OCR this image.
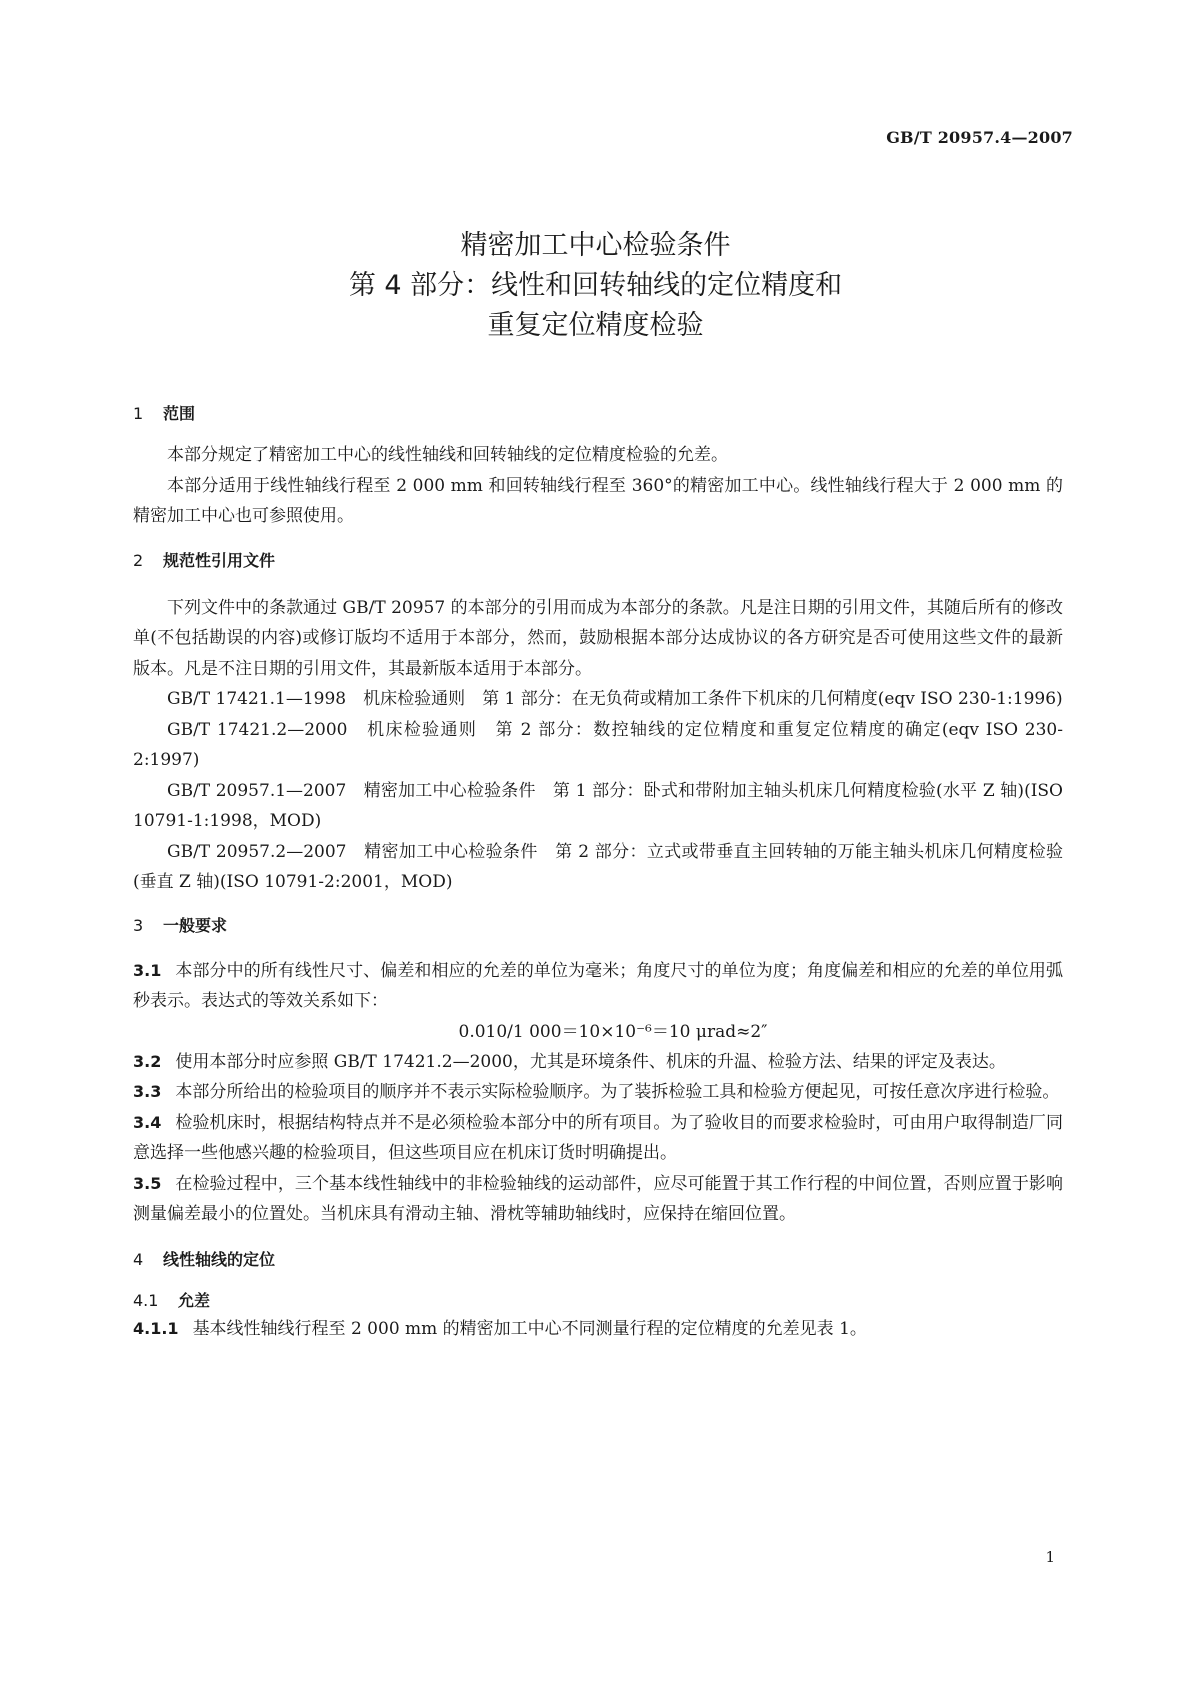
GB/T 20957.4—2007
精密加工中心检验条件
第 4 部分：线性和回转轴线的定位精度和
重复定位精度检验
1 范围
本部分规定了精密加工中心的线性轴线和回转轴线的定位精度检验的允差。
本部分适用于线性轴线行程至 2 000 mm 和回转轴线行程至 360°的精密加工中心。线性轴线行程大于 2 000 mm 的精密加工中心也可参照使用。
2 规范性引用文件
下列文件中的条款通过 GB/T 20957 的本部分的引用而成为本部分的条款。凡是注日期的引用文件，其随后所有的修改单(不包括勘误的内容)或修订版均不适用于本部分，然而，鼓励根据本部分达成协议的各方研究是否可使用这些文件的最新版本。凡是不注日期的引用文件，其最新版本适用于本部分。
GB/T 17421.1—1998　机床检验通则　第 1 部分：在无负荷或精加工条件下机床的几何精度(eqv ISO 230-1:1996)
GB/T 17421.2—2000　机床检验通则　第 2 部分：数控轴线的定位精度和重复定位精度的确定(eqv ISO 230-2:1997)
GB/T 20957.1—2007　精密加工中心检验条件　第 1 部分：卧式和带附加主轴头机床几何精度检验(水平 Z 轴)(ISO 10791-1:1998，MOD)
GB/T 20957.2—2007　精密加工中心检验条件　第 2 部分：立式或带垂直主回转轴的万能主轴头机床几何精度检验(垂直 Z 轴)(ISO 10791-2:2001，MOD)
3 一般要求
3.1 本部分中的所有线性尺寸、偏差和相应的允差的单位为毫米；角度尺寸的单位为度；角度偏差和相应的允差的单位用弧秒表示。表达式的等效关系如下：
0.010/1 000＝10×10⁻⁶＝10 μrad≈2″
3.2 使用本部分时应参照 GB/T 17421.2—2000，尤其是环境条件、机床的升温、检验方法、结果的评定及表达。
3.3 本部分所给出的检验项目的顺序并不表示实际检验顺序。为了装拆检验工具和检验方便起见，可按任意次序进行检验。
3.4 检验机床时，根据结构特点并不是必须检验本部分中的所有项目。为了验收目的而要求检验时，可由用户取得制造厂同意选择一些他感兴趣的检验项目，但这些项目应在机床订货时明确提出。
3.5 在检验过程中，三个基本线性轴线中的非检验轴线的运动部件，应尽可能置于其工作行程的中间位置，否则应置于影响测量偏差最小的位置处。当机床具有滑动主轴、滑枕等辅助轴线时，应保持在缩回位置。
4 线性轴线的定位
4.1 允差
4.1.1 基本线性轴线行程至 2 000 mm 的精密加工中心不同测量行程的定位精度的允差见表 1。
1
